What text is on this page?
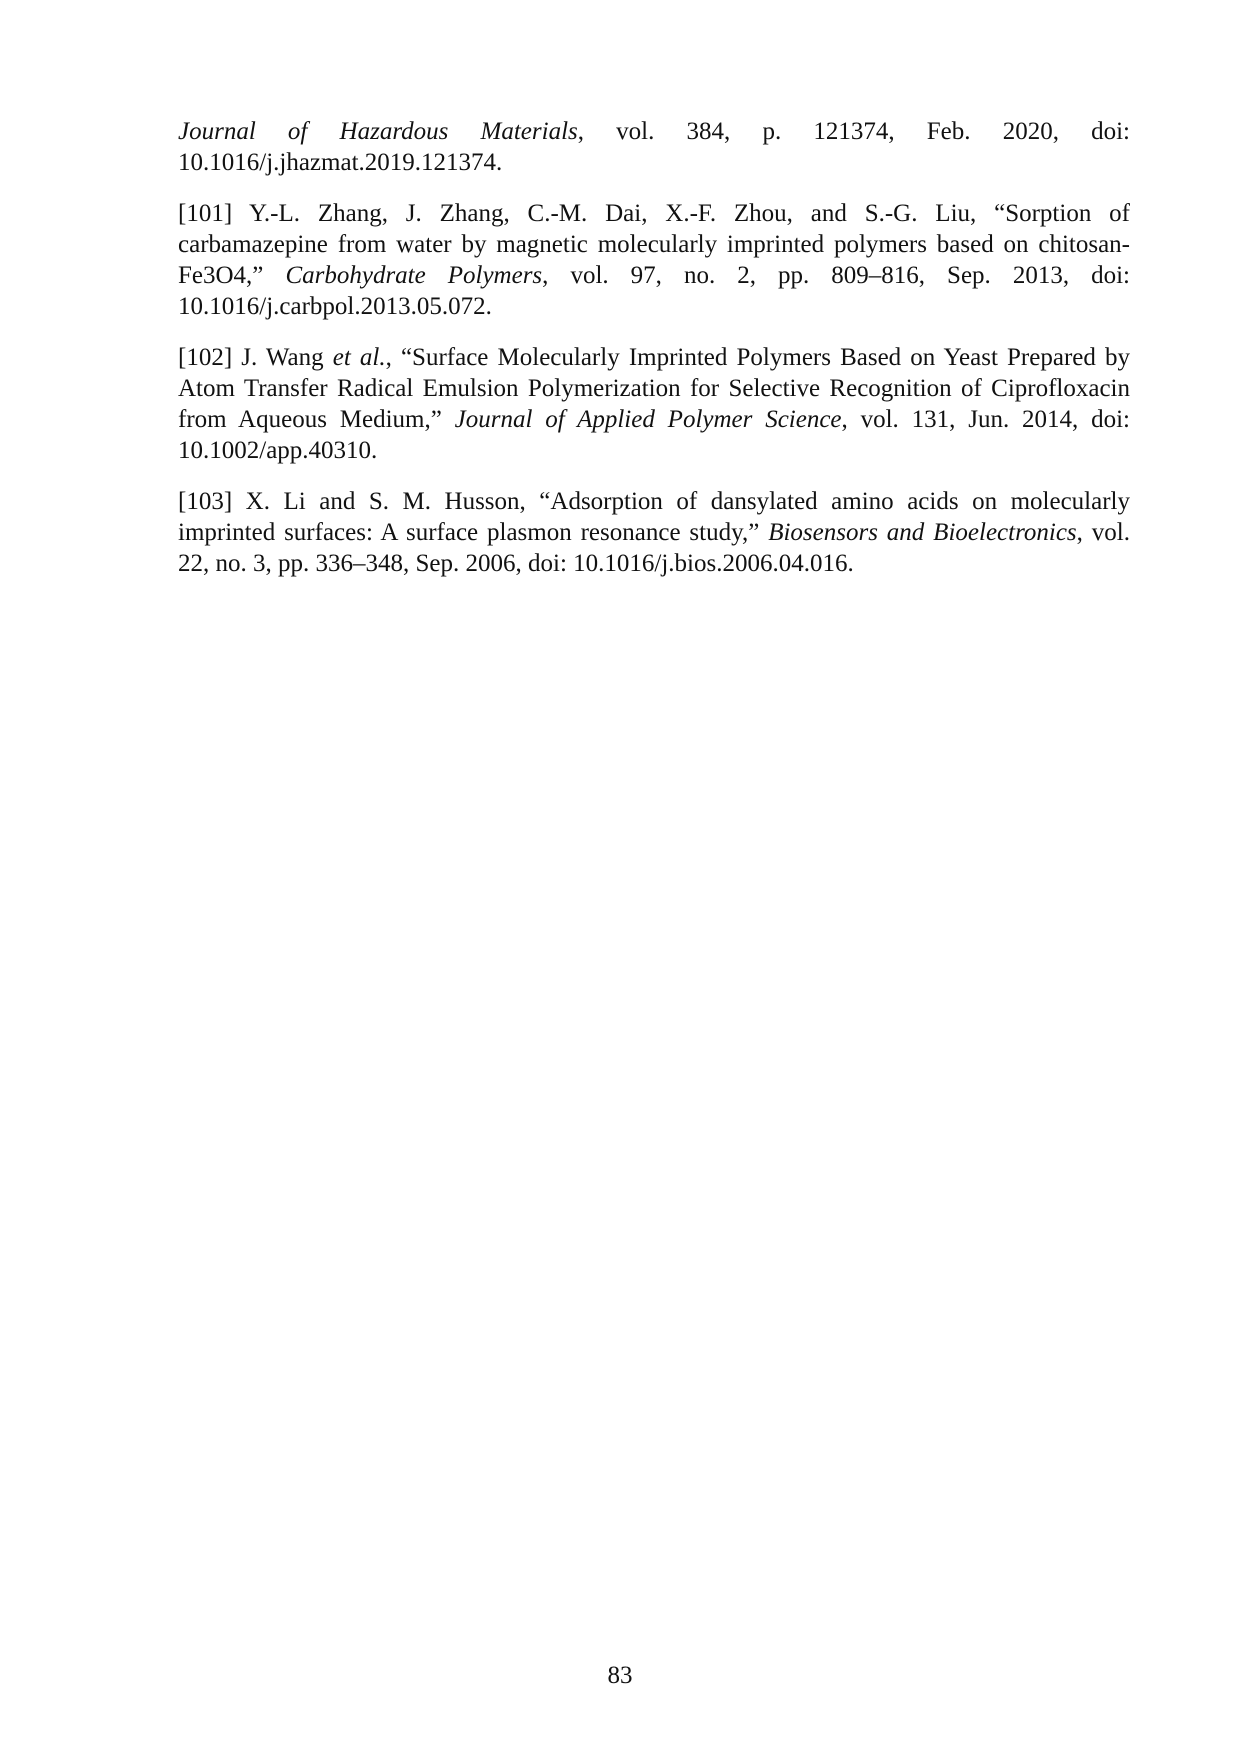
Journal of Hazardous Materials, vol. 384, p. 121374, Feb. 2020, doi: 10.1016/j.jhazmat.2019.121374.

[101] Y.-L. Zhang, J. Zhang, C.-M. Dai, X.-F. Zhou, and S.-G. Liu, “Sorption of carbamazepine from water by magnetic molecularly imprinted polymers based on chitosan-Fe3O4,” Carbohydrate Polymers, vol. 97, no. 2, pp. 809–816, Sep. 2013, doi: 10.1016/j.carbpol.2013.05.072.

[102] J. Wang et al., “Surface Molecularly Imprinted Polymers Based on Yeast Prepared by Atom Transfer Radical Emulsion Polymerization for Selective Recognition of Ciprofloxacin from Aqueous Medium,” Journal of Applied Polymer Science, vol. 131, Jun. 2014, doi: 10.1002/app.40310.

[103] X. Li and S. M. Husson, “Adsorption of dansylated amino acids on molecularly imprinted surfaces: A surface plasmon resonance study,” Biosensors and Bioelectronics, vol. 22, no. 3, pp. 336–348, Sep. 2006, doi: 10.1016/j.bios.2006.04.016.

83
